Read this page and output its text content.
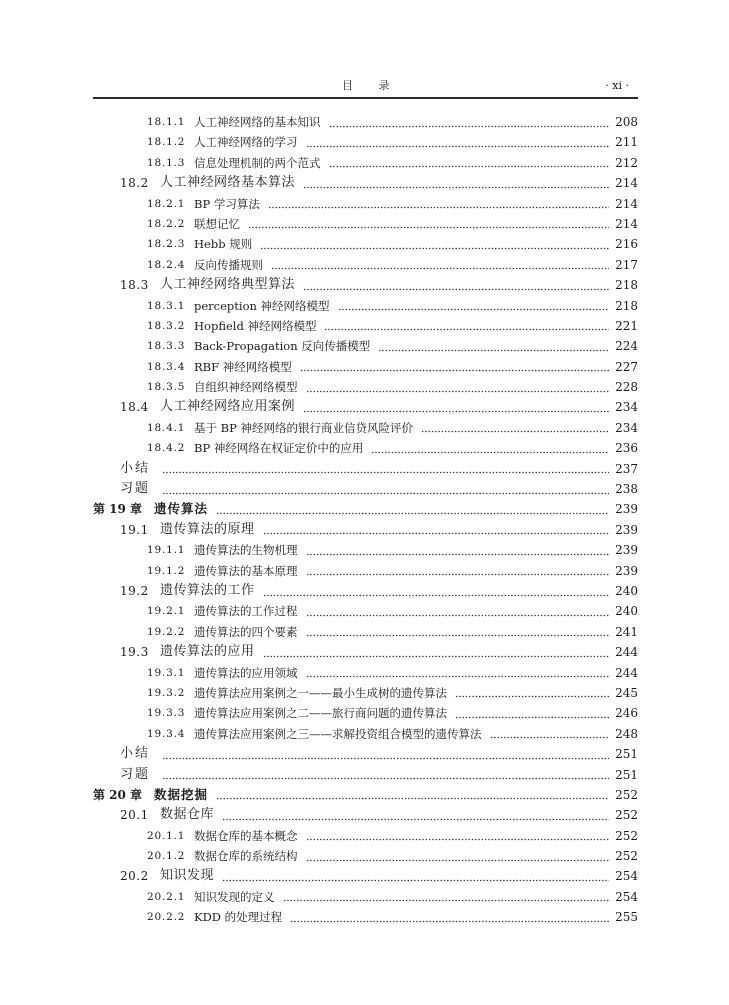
目 录	· xi ·
18.1.1 人工神经网络的基本知识	208
18.1.2 人工神经网络的学习	211
18.1.3 信息处理机制的两个范式	212
18.2 人工神经网络基本算法	214
18.2.1 BP 学习算法	214
18.2.2 联想记忆	214
18.2.3 Hebb 规则	216
18.2.4 反向传播规则	217
18.3 人工神经网络典型算法	218
18.3.1 perception 神经网络模型	218
18.3.2 Hopfield 神经网络模型	221
18.3.3 Back-Propagation 反向传播模型	224
18.3.4 RBF 神经网络模型	227
18.3.5 自组织神经网络模型	228
18.4 人工神经网络应用案例	234
18.4.1 基于 BP 神经网络的银行商业信贷风险评价	234
18.4.2 BP 神经网络在权证定价中的应用	236
小结	237
习题	238
第 19 章 遗传算法	239
19.1 遗传算法的原理	239
19.1.1 遗传算法的生物机理	239
19.1.2 遗传算法的基本原理	239
19.2 遗传算法的工作	240
19.2.1 遗传算法的工作过程	240
19.2.2 遗传算法的四个要素	241
19.3 遗传算法的应用	244
19.3.1 遗传算法的应用领域	244
19.3.2 遗传算法应用案例之一——最小生成树的遗传算法	245
19.3.3 遗传算法应用案例之二——旅行商问题的遗传算法	246
19.3.4 遗传算法应用案例之三——求解投资组合模型的遗传算法	248
小结	251
习题	251
第 20 章 数据挖掘	252
20.1 数据仓库	252
20.1.1 数据仓库的基本概念	252
20.1.2 数据仓库的系统结构	252
20.2 知识发现	254
20.2.1 知识发现的定义	254
20.2.2 KDD 的处理过程	255
